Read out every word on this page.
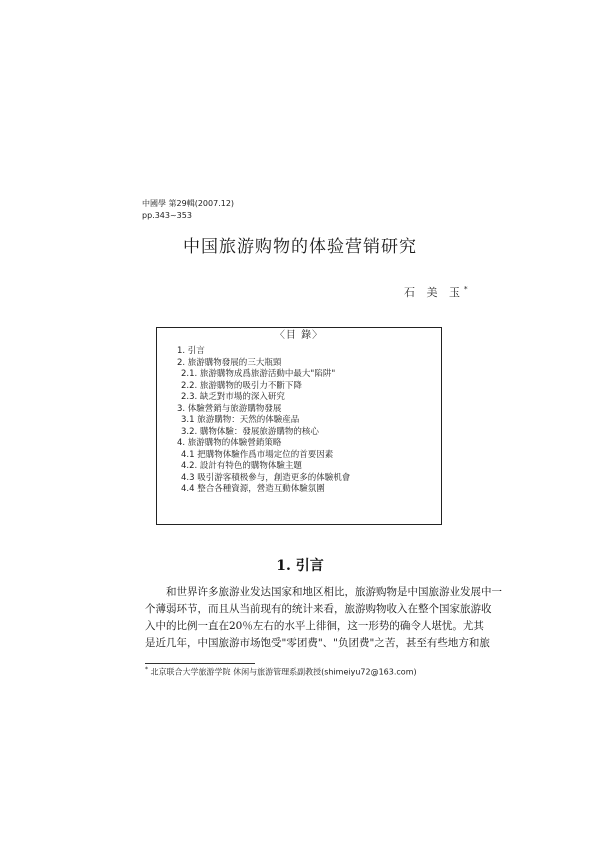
中國學 第29輯(2007.12)
pp.343~353
中国旅游购物的体验营销研究
石 美 玉*
〈目 錄〉
1. 引言
2. 旅游購物發展的三大瓶頸
2.1. 旅游購物成爲旅游活動中最大"陷阱"
2.2. 旅游購物的吸引力不斷下降
2.3. 缺乏對市場的深入研究
3. 体驗營銷与旅游購物發展
3.1 旅游購物：天然的体驗産品
3.2. 購物体驗：發展旅游購物的核心
4. 旅游購物的体驗營銷策略
4.1 把購物体驗作爲市場定位的首要因素
4.2. 設計有特色的購物体驗主題
4.3 吸引游客積极參与，創造更多的体驗机會
4.4 整合各種資源，營造互動体驗氛圍
1. 引言
和世界许多旅游业发达国家和地区相比，旅游购物是中国旅游业发展中一
个薄弱环节，而且从当前现有的统计来看，旅游购物收入在整个国家旅游收
入中的比例一直在20％左右的水平上徘徊，这一形势的确令人堪忧。尤其
是近几年，中国旅游市场饱受"零团费"、"负团费"之苦，甚至有些地方和旅
* 北京联合大学旅游学院 休闲与旅游管理系副教授(shimeiyu72@163.com)
